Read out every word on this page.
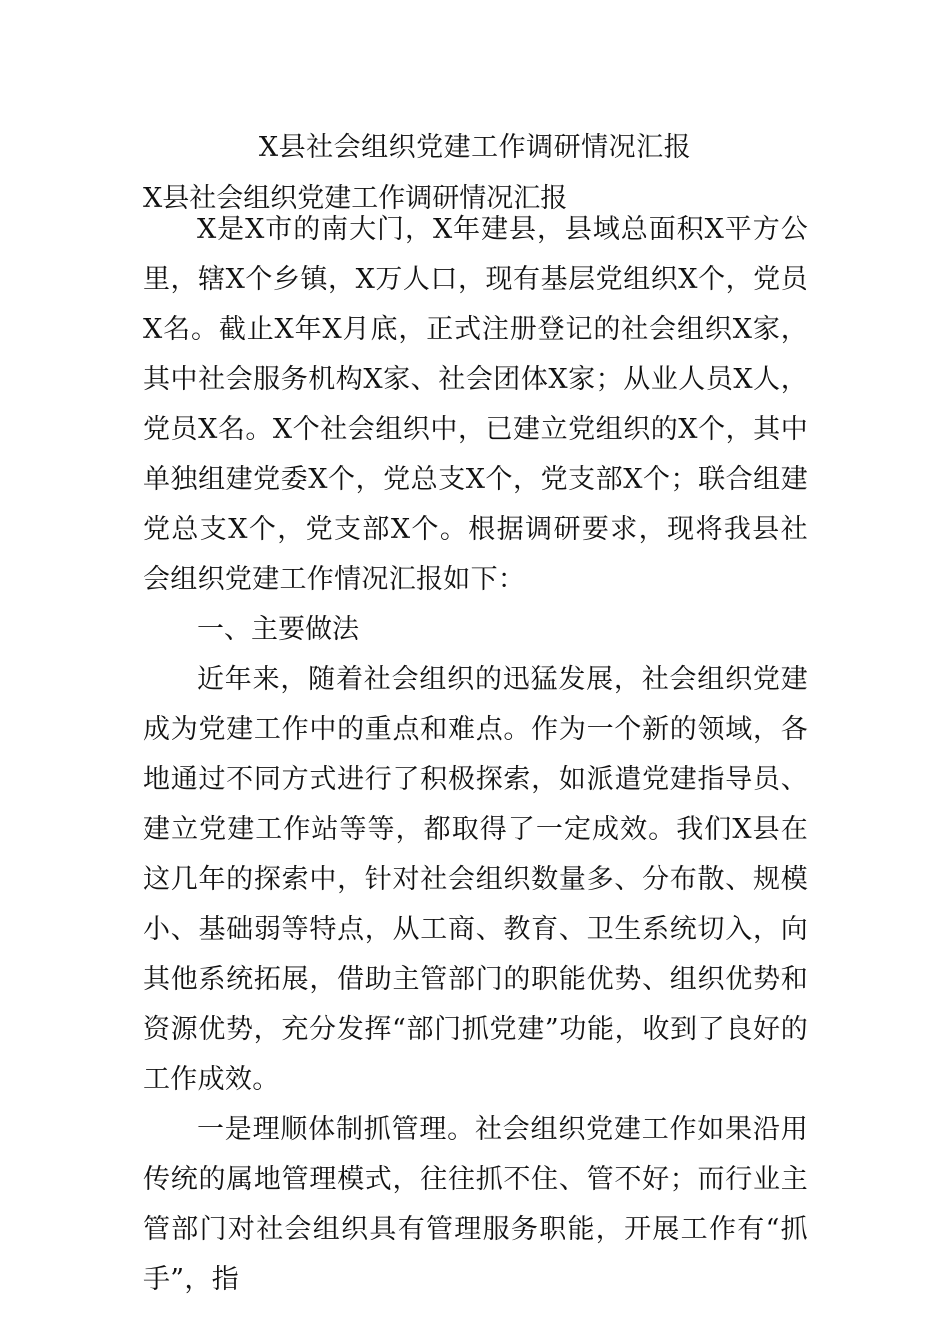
X县社会组织党建工作调研情况汇报
X县社会组织党建工作调研情况汇报

X是X市的南大门，X年建县，县域总面积X平方公里，辖X个乡镇，X万人口，现有基层党组织X个，党员X名。截止X年X月底，正式注册登记的社会组织X家，其中社会服务机构X家、社会团体X家；从业人员X人，党员X名。X个社会组织中，已建立党组织的X个，其中单独组建党委X个，党总支X个，党支部X个；联合组建党总支X个，党支部X个。根据调研要求，现将我县社会组织党建工作情况汇报如下：

一、主要做法

近年来，随着社会组织的迅猛发展，社会组织党建成为党建工作中的重点和难点。作为一个新的领域，各地通过不同方式进行了积极探索，如派遣党建指导员、建立党建工作站等等，都取得了一定成效。我们X县在这几年的探索中，针对社会组织数量多、分布散、规模小、基础弱等特点，从工商、教育、卫生系统切入，向其他系统拓展，借助主管部门的职能优势、组织优势和资源优势，充分发挥“部门抓党建”功能，收到了良好的工作成效。

一是理顺体制抓管理。社会组织党建工作如果沿用传统的属地管理模式，往往抓不住、管不好；而行业主管部门对社会组织具有管理服务职能，开展工作有“抓手”，指
